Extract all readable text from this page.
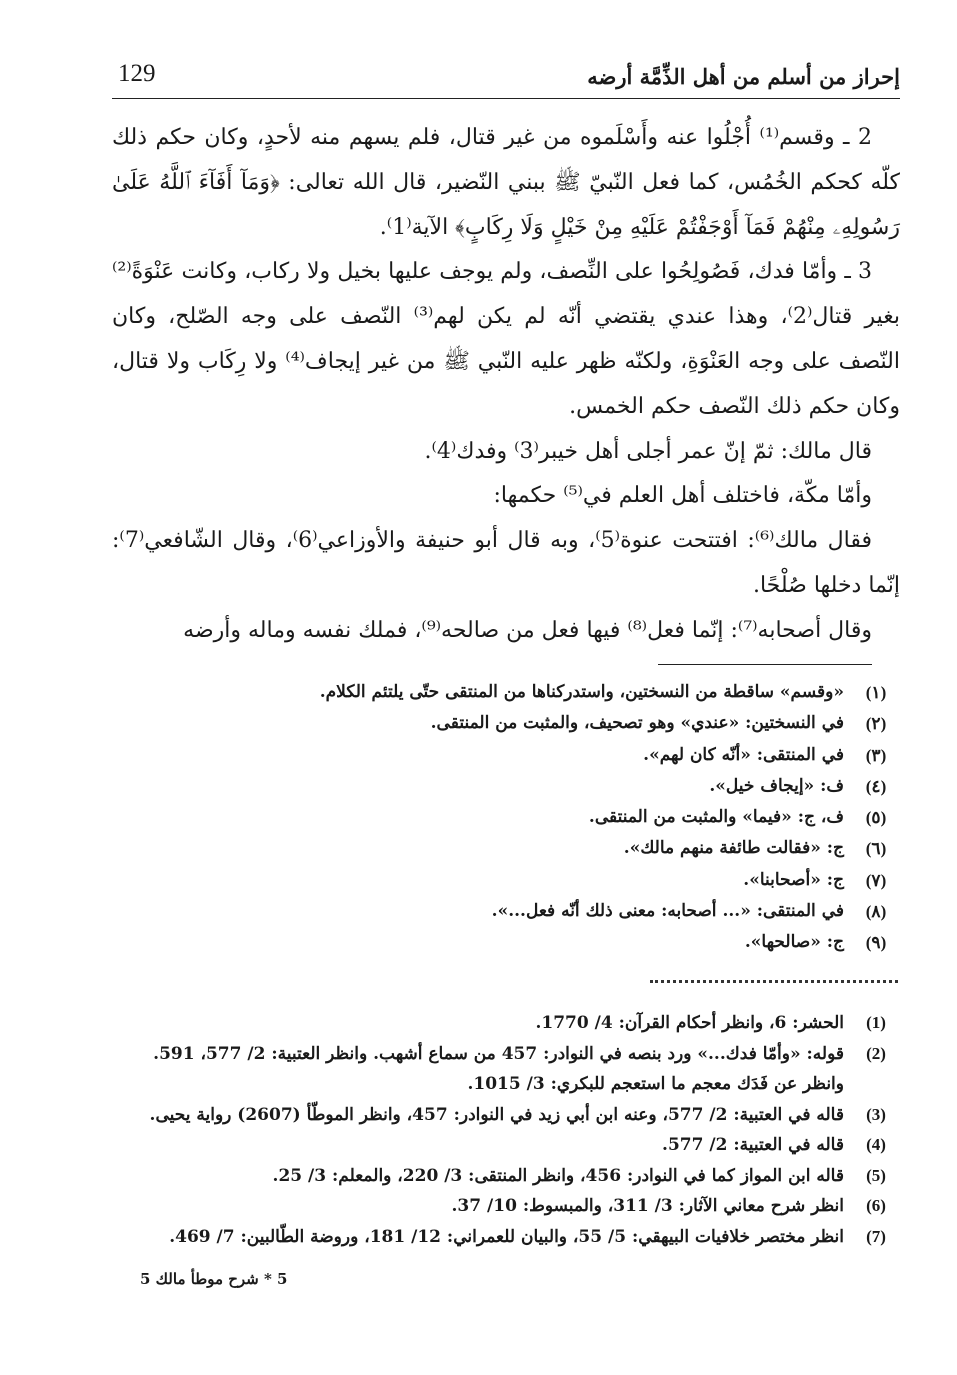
129	إحراز من أسلم من أهل الذِّمَّة أرضه

2 ـ وقسم⁽¹⁾ أُجْلُوا عنه وأَسْلَموه من غير قتال، فلم يسهم منه لأحدٍ، وكان حكم ذلك كلّه كحكم الخُمُس، كما فعل النّبيّ ﷺ ببني النّضير، قال الله تعالى: ﴿وَمَآ أَفَآءَ ٱللَّهُ عَلَىٰ رَسُولِهِۦ مِنْهُمْ فَمَآ أَوْجَفْتُمْ عَلَيْهِ مِنْ خَيْلٍ وَلَا رِكَابٍ﴾ الآية⁽1⁾.

3 ـ وأمّا فدك، فَصُولِحُوا على النِّصف، ولم يوجف عليها بخيل ولا ركاب، وكانت عَنْوَةً⁽²⁾ بغير قتال⁽2⁾، وهذا عندي يقتضي أنّه لم يكن لهم⁽³⁾ النّصف على وجه الصّلح، وكان النّصف على وجه العَنْوَةِ، ولكنّه ظهر عليه النّبي ﷺ من غير إيجاف⁽⁴⁾ ولا رِكَاب ولا قتال، وكان حكم ذلك النّصف حكم الخمس.

قال مالك: ثمّ إنّ عمر أجلى أهل خيبر⁽3⁾ وفدك⁽4⁾.

وأمّا مكّة، فاختلف أهل العلم في⁽⁵⁾ حكمها:

فقال مالك⁽⁶⁾: افتتحت عنوة⁽5⁾، وبه قال أبو حنيفة والأوزاعي⁽6⁾، وقال الشّافعي⁽7⁾: إنّما دخلها صُلْحًا.

وقال أصحابه⁽⁷⁾: إنّما فعل⁽⁸⁾ فيها فعل من صالحه⁽⁹⁾، فملك نفسه وماله وأرضه

(١)
«وقسم» ساقطة من النسختين، واستدركناها من المنتقى حتّى يلتئم الكلام.
(٢)
في النسختين: «عندي» وهو تصحيف، والمثبت من المنتقى.
(٣)
في المنتقى: «أنّه كان لهم».
(٤)
ف: «إيجاف خيل».
(٥)
ف، ج: «فيما» والمثبت من المنتقى.
(٦)
ج: «فقالت طائفة منهم مالك».
(٧)
ج: «أصحابنا».
(٨)
في المنتقى: «... أصحابه: معنى ذلك أنّه فعل...».
(٩)
ج: «صالحها».
(1)
الحشر: 6، وانظر أحكام القرآن: 4/ 1770.
(2)
قوله: «وأمّا فدك...» ورد بنصه في النوادر: 457 من سماع أشهب. وانظر العتبية: 2/ 577، 591. وانظر عن فَدَك معجم ما استعجم للبكري: 3/ 1015.
(3)
قاله في العتبية: 2/ 577، وعنه ابن أبي زيد في النوادر: 457، وانظر الموطّأ (2607) رواية يحيى.
(4)
قاله في العتبية: 2/ 577.
(5)
قاله ابن المواز كما في النوادر: 456، وانظر المنتقى: 3/ 220، والمعلم: 3/ 25.
(6)
انظر شرح معاني الآثار: 3/ 311، والمبسوط: 10/ 37.
(7)
انظر مختصر خلافيات البيهقي: 5/ 55، والبيان للعمراني: 12/ 181، وروضة الطّالبين: 7/ 469.
5 * شرح موطأ مالك 5
